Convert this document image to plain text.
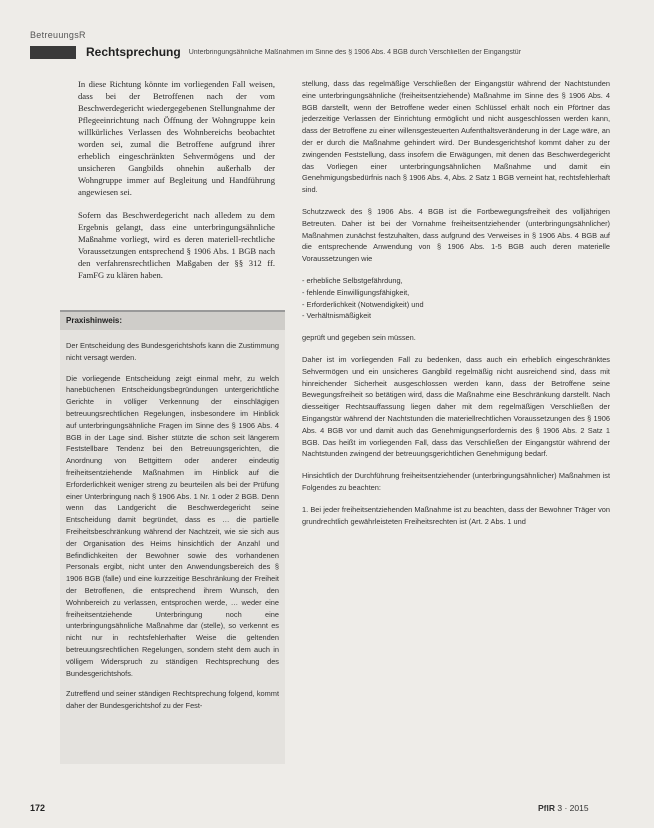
BetreuungsR
Rechtsprechung Unterbringungsähnliche Maßnahmen im Sinne des § 1906 Abs. 4 BGB durch Verschließen der Eingangstür

In diese Richtung könnte im vorliegenden Fall weisen, dass bei der Betroffenen nach der vom Beschwerdegericht wiedergegebenen Stellungnahme der Pflegeeinrichtung nach Öffnung der Wohngruppe kein willkürliches Verlassen des Wohnbereichs beobachtet worden sei, zumal die Betroffene aufgrund ihrer erheblich eingeschränkten Sehvermögens und der unsicheren Gangbilds ohnehin außerhalb der Wohngruppe immer auf Begleitung und Handführung angewiesen sei.

Sofern das Beschwerdegericht nach alledem zu dem Ergebnis gelangt, dass eine unterbringungsähnliche Maßnahme vorliegt, wird es deren materiell-rechtliche Voraussetzungen entsprechend § 1906 Abs. 1 BGB nach den verfahrensrechtlichen Maßgaben der §§ 312 ff. FamFG zu klären haben.

Praxishinweis:

Der Entscheidung des Bundesgerichtshofs kann die Zustimmung nicht versagt werden.

Die vorliegende Entscheidung zeigt einmal mehr, zu welch hanebüchenen Entscheidungsbegründungen untergerichtliche Gerichte in völliger Verkennung der einschlägigen betreuungsrechtlichen Regelungen, insbesondere im Hinblick auf unterbringungsähnliche Fragen im Sinne des § 1906 Abs. 4 BGB in der Lage sind. Bisher stützte die schon seit längerem Feststellbare Tendenz bei den Betreuungsgerichten, die Anordnung von Bettgittern oder anderer eindeutig freiheitsentziehende Maßnahmen im Hinblick auf die Erforderlichkeit weniger streng zu beurteilen als bei der Prüfung einer Unterbringung nach § 1906 Abs. 1 Nr. 1 oder 2 BGB. Denn wenn das Landgericht die Beschwerdegericht seine Entscheidung damit begründet, dass es … die partielle Freiheitsbeschränkung während der Nachtzeit, wie sie sich aus der Organisation des Heims hinsichtlich der Anzahl und Befindlichkeiten der Bewohner sowie des vorhandenen Personals ergibt, nicht unter den Anwendungsbereich des § 1906 BGB (falle) und eine kurzzeitige Beschränkung der Freiheit der Betroffenen, die entsprechend ihrem Wunsch, den Wohnbereich zu verlassen, entsprochen werde, … weder eine freiheitsentziehende Unterbringung noch eine unterbringungsähnliche Maßnahme dar (stelle), so verkennt es nicht nur in rechtsfehlerhafter Weise die geltenden betreuungsrechtlichen Regelungen, sondern steht dem auch in völligem Widerspruch zu ständigen Rechtsprechung des Bundesgerichtshofs.

Zutreffend und seiner ständigen Rechtsprechung folgend, kommt daher der Bundesgerichtshof zu der Fest-

stellung, dass das regelmäßige Verschließen der Eingangstür während der Nachtstunden eine unterbringungsähnliche (freiheitsentziehende) Maßnahme im Sinne des § 1906 Abs. 4 BGB darstellt, wenn der Betroffene weder einen Schlüssel erhält noch ein Pförtner das jederzeitige Verlassen der Einrichtung ermöglicht und nicht ausgeschlossen werden kann, dass der Betroffene zu einer willensgesteuerten Aufenthaltsveränderung in der Lage wäre, an der er durch die Maßnahme gehindert wird. Der Bundesgerichtshof kommt daher zu der zwingenden Feststellung, dass insofern die Erwägungen, mit denen das Beschwerdegericht das Vorliegen einer unterbringungsähnlichen Maßnahme und damit ein Genehmigungsbedürfnis nach § 1906 Abs. 4, Abs. 2 Satz 1 BGB verneint hat, rechtsfehlerhaft sind.

Schutzzweck des § 1906 Abs. 4 BGB ist die Fortbewegungsfreiheit des volljährigen Betreuten. Daher ist bei der Vornahme freiheitsentziehender (unterbringungsähnlicher) Maßnahmen zunächst festzuhalten, dass aufgrund des Verweises in § 1906 Abs. 4 BGB auf die entsprechende Anwendung von § 1906 Abs. 1-5 BGB auch deren materielle Voraussetzungen wie

- erhebliche Selbstgefährdung,
- fehlende Einwilligungsfähigkeit,
- Erforderlichkeit (Notwendigkeit) und
- Verhältnismäßigkeit

geprüft und gegeben sein müssen.

Daher ist im vorliegenden Fall zu bedenken, dass auch ein erheblich eingeschränktes Sehvermögen und ein unsicheres Gangbild regelmäßig nicht ausreichend sind, dass mit hinreichender Sicherheit ausgeschlossen werden kann, dass der Betroffene seine Bewegungsfreiheit so betätigen wird, dass die Maßnahme eine Beschränkung darstellt. Nach diesseitiger Rechtsauffassung liegen daher mit dem regelmäßigen Verschließen der Eingangstür während der Nachtstunden die materiellrechtlichen Voraussetzungen des § 1906 Abs. 4 BGB vor und damit auch das Genehmigungserfordernis des § 1906 Abs. 2 Satz 1 BGB. Das heißt im vorliegenden Fall, dass das Verschließen der Eingangstür während der Nachtstunden zwingend der betreuungsgerichtlichen Genehmigung bedarf.

Hinsichtlich der Durchführung freiheitsentziehender (unterbringungsähnlicher) Maßnahmen ist Folgendes zu beachten:

1. Bei jeder freiheitsentziehenden Maßnahme ist zu beachten, dass der Bewohner Träger von grundrechtlich gewährleisteten Freiheitsrechten ist (Art. 2 Abs. 1 und

172	PflR 3 · 2015
